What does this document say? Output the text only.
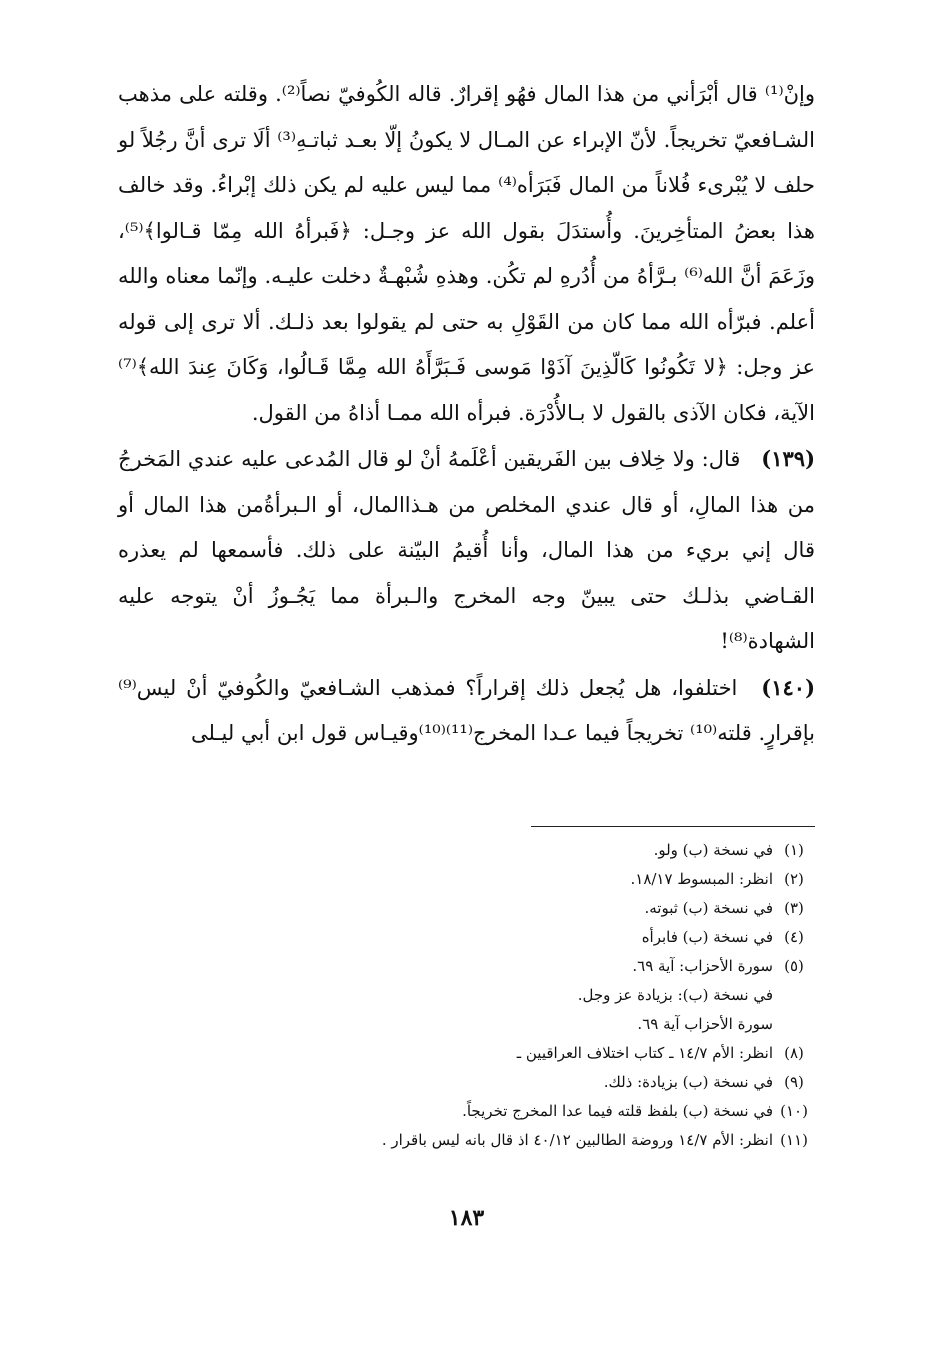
وإنْ⁽¹⁾ قال أبْرَأني من هذا المال فهُو إقرارٌ. قاله الكُوفيّ نصاً⁽²⁾. وقلته على مذهب الشـافعيّ تخريجاً. لأنّ الإبراء عن المـال لا يكونُ إلّا بعـد ثباتـهِ⁽³⁾ ألَا ترى أنَّ رجُلاً لو حلف لا يُبْرىء فُلاناً من المال فَبَرَأه⁽⁴⁾ مما ليس عليه لم يكن ذلك إبْراءُ. وقد خالف هذا بعضُ المتأخِرينَ. وأُستدَلَ بقول الله عز وجـل: ﴿فَبرأهُ الله مِمّا قـالوا﴾⁽⁵⁾، وزَعَمَ أنَّ الله⁽⁶⁾ بـرَّأهُ من أُدُرهِ لم تكُن. وهذهِ شُبْهـةٌ دخلت عليـه. وإنّما معناه والله أعلم. فبرّأه الله مما كان من القَوْلِ به حتى لم يقولوا بعد ذلـك. ألا ترى إلى قوله عز وجل: ﴿لا تَكُونُوا كَالّذِينَ آذَوْا مَوسى فَـبَرَّأَهُ الله مِمَّا قَـالُوا، وَكَانَ عِندَ الله﴾⁽⁷⁾ الآية، فكان الآذى بالقول لا بـالأُدْرَة. فبرأه الله ممـا أذاهُ من القول.

(١٣٩) قال: ولا خِلاف بين الفَريقين أعْلَمهُ أنْ لو قال المُدعى عليه عندي المَخرجُ من هذا المالِ، أو قال عندي المخلص من هـذاالمال، أو الـبرأةُمن هذا المال أو قال إني بريء من هذا المال، وأنا أُقيمُ البيّنة على ذلك. فأسمعها لم يعذره القـاضي بذلـك حتى يبينّ وجه المخرج والـبرأة مما يَجُـوزُ أنْ يتوجه عليه الشهادة⁽⁸⁾!

(١٤٠) اختلفوا، هل يُجعل ذلك إقراراً؟ فمذهب الشـافعيّ والكُوفيّ أنْ ليس⁽⁹⁾ بإقرارٍ. قلته⁽¹⁰⁾ تخريجاً فيما عـدا المخرج⁽¹¹⁾⁽¹⁰⁾وقيـاس قول ابن أبي ليـلى

(١)
في نسخة (ب) ولو.
(٢)
انظر: المبسوط ١٨/١٧.
(٣)
في نسخة (ب) ثبوته.
(٤)
في نسخة (ب) فابرأه
(٥)
سورة الأحزاب: آية ٦٩.
في نسخة (ب): بزيادة عز وجل.
سورة الأحزاب آية ٦٩.
(٨)
انظر: الأم ١٤/٧ ـ كتاب اختلاف العراقيين ـ
(٩)
في نسخة (ب) بزيادة: ذلك.
(١٠)
في نسخة (ب) بلفظ قلته فيما عدا المخرج تخريجاً.
(١١)
انظر: الأم ١٤/٧ وروضة الطالبين ٤٠/١٢ اذ قال بانه ليس باقرار .
١٨٣
